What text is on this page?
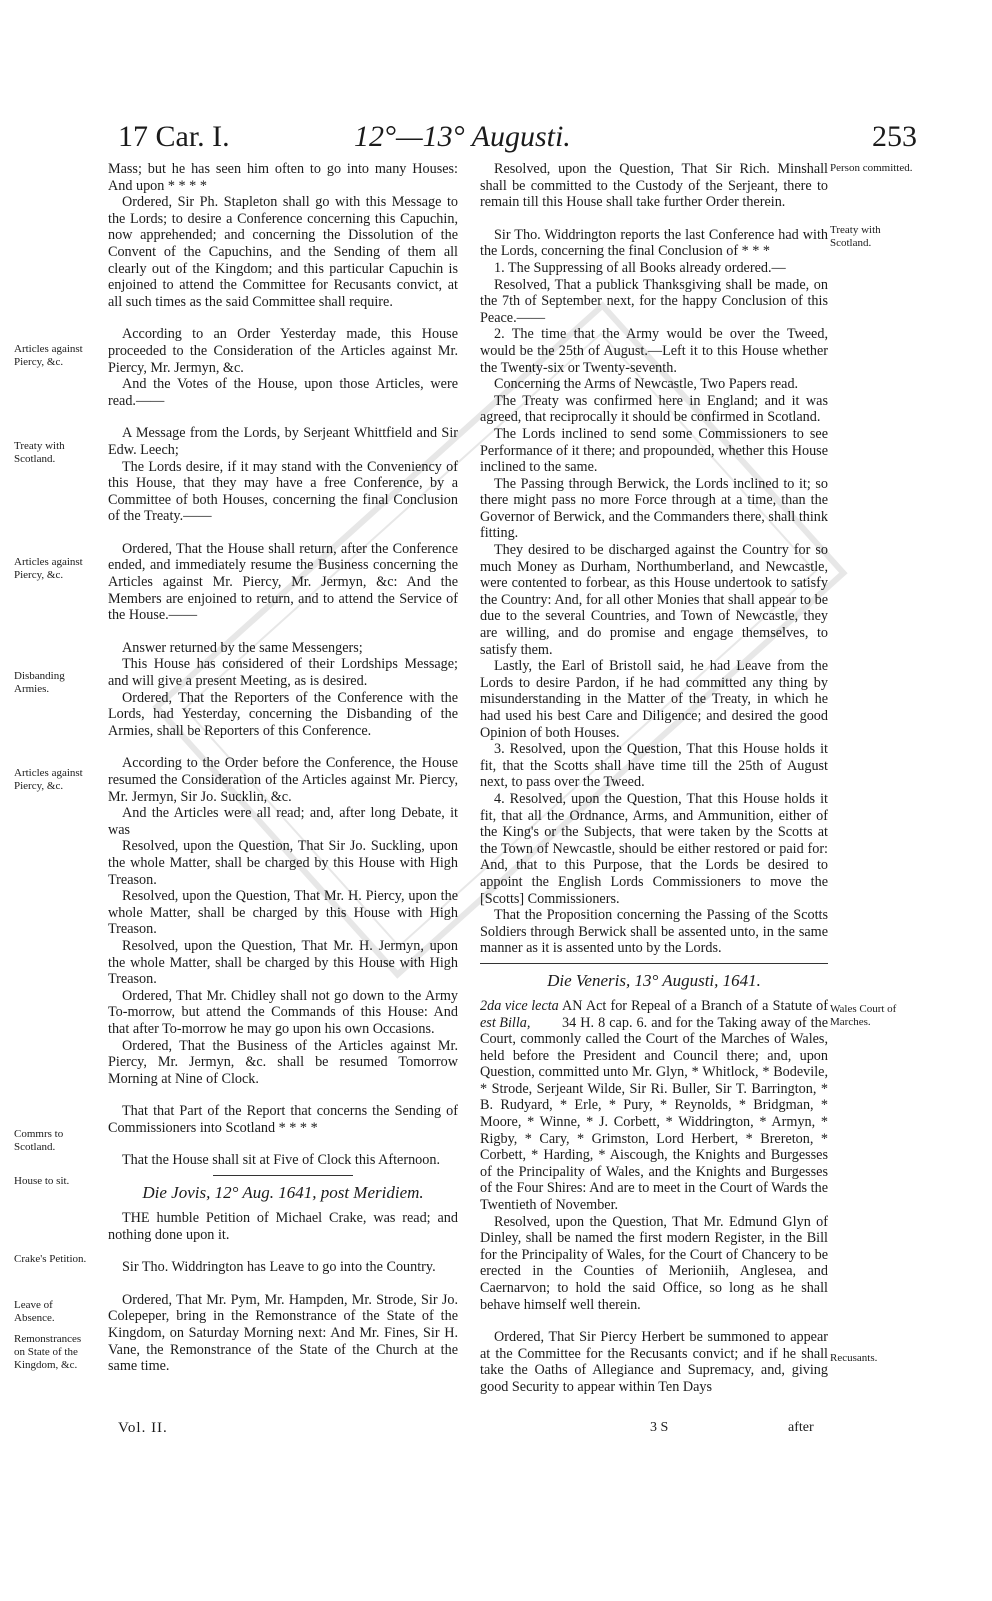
17 Car. I.	12°—13° Augusti.	253

Mass; but he has seen him often to go into many Houses: And upon * * * *

Ordered, Sir Ph. Stapleton shall go with this Message to the Lords; to desire a Conference concerning this Capuchin, now apprehended; and concerning the Dissolution of the Convent of the Capuchins, and the Sending of them all clearly out of the Kingdom; and this particular Capuchin is enjoined to attend the Committee for Recusants convict, at all such times as the said Committee shall require.

According to an Order Yesterday made, this House proceeded to the Consideration of the Articles against Mr. Piercy, Mr. Jermyn, &c.

And the Votes of the House, upon those Articles, were read.——

A Message from the Lords, by Serjeant Whittfield and Sir Edw. Leech;

The Lords desire, if it may stand with the Conveniency of this House, that they may have a free Conference, by a Committee of both Houses, concerning the final Conclusion of the Treaty.——

Ordered, That the House shall return, after the Conference ended, and immediately resume the Business concerning the Articles against Mr. Piercy, Mr. Jermyn, &c: And the Members are enjoined to return, and to attend the Service of the House.——

Answer returned by the same Messengers;

This House has considered of their Lordships Message; and will give a present Meeting, as is desired.

Ordered, That the Reporters of the Conference with the Lords, had Yesterday, concerning the Disbanding of the Armies, shall be Reporters of this Conference.

According to the Order before the Conference, the House resumed the Consideration of the Articles against Mr. Piercy, Mr. Jermyn, Sir Jo. Sucklin, &c.

And the Articles were all read; and, after long Debate, it was

Resolved, upon the Question, That Sir Jo. Suckling, upon the whole Matter, shall be charged by this House with High Treason.

Resolved, upon the Question, That Mr. H. Piercy, upon the whole Matter, shall be charged by this House with High Treason.

Resolved, upon the Question, That Mr. H. Jermyn, upon the whole Matter, shall be charged by this House with High Treason.

Ordered, That Mr. Chidley shall not go down to the Army To-morrow, but attend the Commands of this House: And that after To-morrow he may go upon his own Occasions.

Ordered, That the Business of the Articles against Mr. Piercy, Mr. Jermyn, &c. shall be resumed Tomorrow Morning at Nine of Clock.

That that Part of the Report that concerns the Sending of Commissioners into Scotland * * * *

That the House shall sit at Five of Clock this Afternoon.

Die Jovis, 12° Aug. 1641, post Meridiem.

THE humble Petition of Michael Crake, was read; and nothing done upon it.

Sir Tho. Widdrington has Leave to go into the Country.

Ordered, That Mr. Pym, Mr. Hampden, Mr. Strode, Sir Jo. Colepeper, bring in the Remonstrance of the State of the Kingdom, on Saturday Morning next: And Mr. Fines, Sir H. Vane, the Remonstrance of the State of the Church at the same time.

Resolved, upon the Question, That Sir Rich. Minshall shall be committed to the Custody of the Serjeant, there to remain till this House shall take further Order therein.

Sir Tho. Widdrington reports the last Conference had with the Lords, concerning the final Conclusion of * * *

1. The Suppressing of all Books already ordered.—

Resolved, That a publick Thanksgiving shall be made, on the 7th of September next, for the happy Conclusion of this Peace.——

2. The time that the Army would be over the Tweed, would be the 25th of August.—Left it to this House whether the Twenty-six or Twenty-seventh.

Concerning the Arms of Newcastle, Two Papers read.

The Treaty was confirmed here in England; and it was agreed, that reciprocally it should be confirmed in Scotland.

The Lords inclined to send some Commissioners to see Performance of it there; and propounded, whether this House inclined to the same.

The Passing through Berwick, the Lords inclined to it; so there might pass no more Force through at a time, than the Governor of Berwick, and the Commanders there, shall think fitting.

They desired to be discharged against the Country for so much Money as Durham, Northumberland, and Newcastle, were contented to forbear, as this House undertook to satisfy the Country: And, for all other Monies that shall appear to be due to the several Countries, and Town of Newcastle, they are willing, and do promise and engage themselves, to satisfy them.

Lastly, the Earl of Bristoll said, he had Leave from the Lords to desire Pardon, if he had committed any thing by misunderstanding in the Matter of the Treaty, in which he had used his best Care and Diligence; and desired the good Opinion of both Houses.

3. Resolved, upon the Question, That this House holds it fit, that the Scotts shall have time till the 25th of August next, to pass over the Tweed.

4. Resolved, upon the Question, That this House holds it fit, that all the Ordnance, Arms, and Ammunition, either of the King's or the Subjects, that were taken by the Scotts at the Town of Newcastle, should be either restored or paid for: And, that to this Purpose, that the Lords be desired to appoint the English Lords Commissioners to move the [Scotts] Commissioners.

That the Proposition concerning the Passing of the Scotts Soldiers through Berwick shall be assented unto, in the same manner as it is assented unto by the Lords.

Die Veneris, 13° Augusti, 1641.

2da vice lecta est Billa,

AN Act for Repeal of a Branch of a Statute of 34 H. 8 cap. 6. and for the Taking away of the Court, commonly called the Court of the Marches of Wales, held before the President and Council there; and, upon Question, committed unto Mr. Glyn, * Whitlock, * Bodevile, * Strode, Serjeant Wilde, Sir Ri. Buller, Sir T. Barrington, * B. Rudyard, * Erle, * Pury, * Reynolds, * Bridgman, * Moore, * Winne, * J. Corbett, * Widdrington, * Armyn, * Rigby, * Cary, * Grimston, Lord Herbert, * Brereton, * Corbett, * Harding, * Aiscough, the Knights and Burgesses of the Principality of Wales, and the Knights and Burgesses of the Four Shires: And are to meet in the Court of Wards the Twentieth of November.

Resolved, upon the Question, That Mr. Edmund Glyn of Dinley, shall be named the first modern Register, in the Bill for the Principality of Wales, for the Court of Chancery to be erected in the Counties of Merioniih, Anglesea, and Caernarvon; to hold the said Office, so long as he shall behave himself well therein.

Ordered, That Sir Piercy Herbert be summoned to appear at the Committee for the Recusants convict; and if he shall take the Oaths of Allegiance and Supremacy, and, giving good Security to appear within Ten Days

Articles against Piercy, &c.
Treaty with Scotland.
Articles against Piercy, &c.
Disbanding Armies.
Articles against Piercy, &c.
Commrs to Scotland.
House to sit.
Crake's Petition.
Leave of Absence.
Remonstrances on State of the Kingdom, &c.
Person committed.
Treaty with Scotland.
Wales Court of Marches.
Recusants.
Vol. II.	3 S	after
